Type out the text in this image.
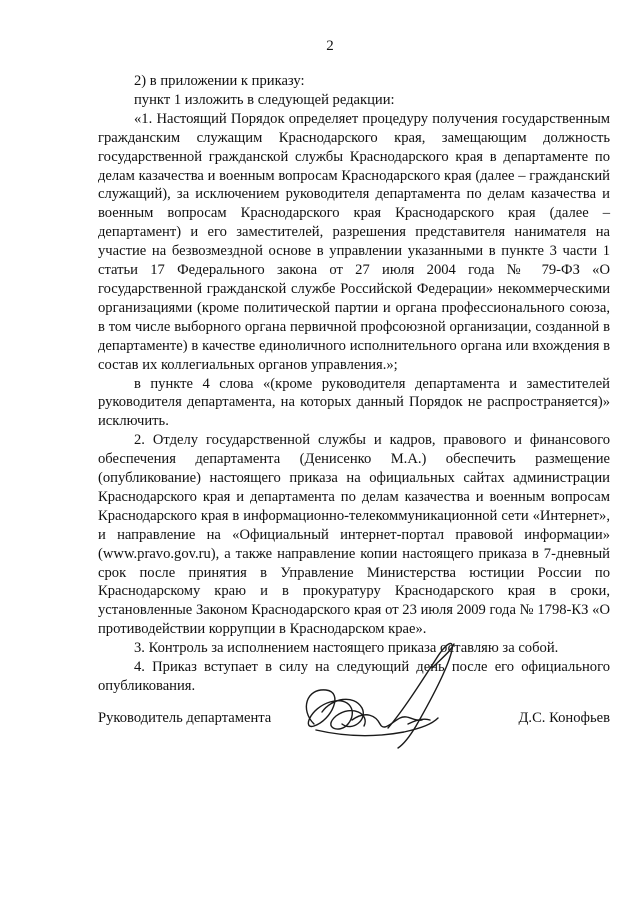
2

2) в приложении к приказу:

пункт 1 изложить в следующей редакции:

«1. Настоящий Порядок определяет процедуру получения государственным гражданским служащим Краснодарского края, замещающим должность государственной гражданской службы Краснодарского края в департаменте по делам казачества и военным вопросам Краснодарского края (далее – гражданский служащий), за исключением руководителя департамента по делам казачества и военным вопросам Краснодарского края Краснодарского края (далее – департамент) и его заместителей, разрешения представителя нанимателя на участие на безвозмездной основе в управлении указанными в пункте 3 части 1 статьи 17 Федерального закона от 27 июля 2004 года № 79-ФЗ «О государственной гражданской службе Российской Федерации» некоммерческими организациями (кроме политической партии и органа профессионального союза, в том числе выборного органа первичной профсоюзной организации, созданной в департаменте) в качестве единоличного исполнительного органа или вхождения в состав их коллегиальных органов управления.»;

в пункте 4 слова «(кроме руководителя департамента и заместителей руководителя департамента, на которых данный Порядок не распространяется)» исключить.

2. Отделу государственной службы и кадров, правового и финансового обеспечения департамента (Денисенко М.А.) обеспечить размещение (опубликование) настоящего приказа на официальных сайтах администрации Краснодарского края и департамента по делам казачества и военным вопросам Краснодарского края в информационно-телекоммуникационной сети «Интернет», и направление на «Официальный интернет-портал правовой информации» (www.pravo.gov.ru), а также направление копии настоящего приказа в 7-дневный срок после принятия в Управление Министерства юстиции России по Краснодарскому краю и в прокуратуру Краснодарского края в сроки, установленные Законом Краснодарского края от 23 июля 2009 года № 1798-КЗ «О противодействии коррупции в Краснодарском крае».

3. Контроль за исполнением настоящего приказа оставляю за собой.

4. Приказ вступает в силу на следующий день после его официального опубликования.

Руководитель департамента	Д.С. Конофьев
